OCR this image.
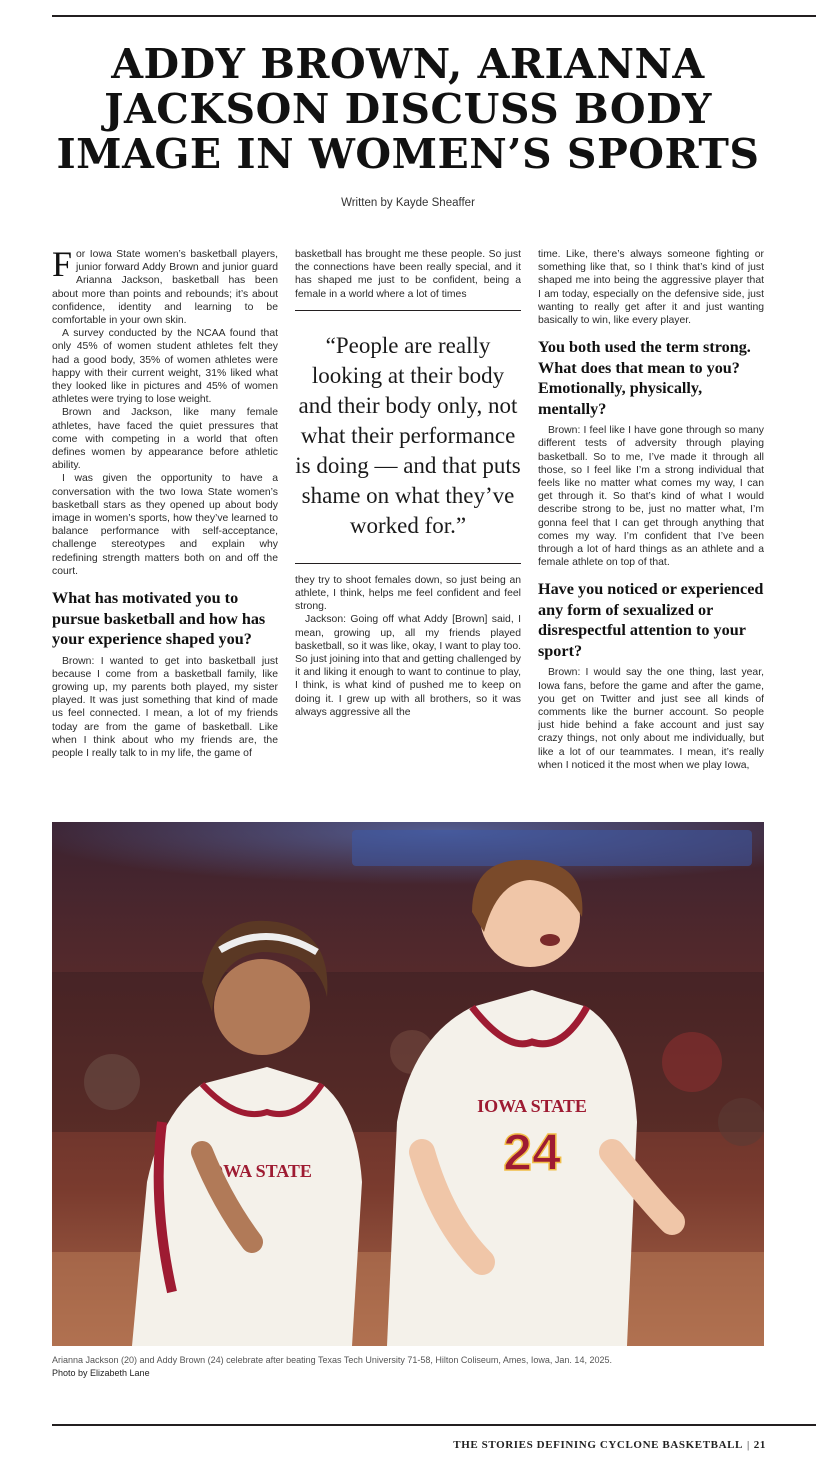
ADDY BROWN, ARIANNA
JACKSON DISCUSS BODY
IMAGE IN WOMEN’S SPORTS

Written by Kayde Sheaffer

For Iowa State women’s basketball players, junior forward Addy Brown and junior guard Arianna Jackson, basketball has been about more than points and rebounds; it’s about confidence, identity and learning to be comfortable in your own skin.

A survey conducted by the NCAA found that only 45% of women student athletes felt they had a good body, 35% of women athletes were happy with their current weight, 31% liked what they looked like in pictures and 45% of women athletes were trying to lose weight.

Brown and Jackson, like many female athletes, have faced the quiet pressures that come with competing in a world that often defines women by appearance before athletic ability.

I was given the opportunity to have a conversation with the two Iowa State women’s basketball stars as they opened up about body image in women’s sports, how they’ve learned to balance performance with self-acceptance, challenge stereotypes and explain why redefining strength matters both on and off the court.

What has motivated you to pursue basketball and how has your experience shaped you?

Brown: I wanted to get into basketball just because I come from a basketball family, like growing up, my parents both played, my sister played. It was just something that kind of made us feel connected. I mean, a lot of my friends today are from the game of basketball. Like when I think about who my friends are, the people I really talk to in my life, the game of

basketball has brought me these people. So just the connections have been really special, and it has shaped me just to be confident, being a female in a world where a lot of times

“People are really looking at their body and their body only, not what their performance is doing — and that puts shame on what they’ve worked for.”

they try to shoot females down, so just being an athlete, I think, helps me feel confident and feel strong.

Jackson: Going off what Addy [Brown] said, I mean, growing up, all my friends played basketball, so it was like, okay, I want to play too. So just joining into that and getting challenged by it and liking it enough to want to continue to play, I think, is what kind of pushed me to keep on doing it. I grew up with all brothers, so it was always aggressive all the

time. Like, there’s always someone fighting or something like that, so I think that’s kind of just shaped me into being the aggressive player that I am today, especially on the defensive side, just wanting to really get after it and just wanting basically to win, like every player.

You both used the term strong. What does that mean to you? Emotionally, physically, mentally?

Brown: I feel like I have gone through so many different tests of adversity through playing basketball. So to me, I’ve made it through all those, so I feel like I’m a strong individual that feels like no matter what comes my way, I can get through it. So that’s kind of what I would describe strong to be, just no matter what, I’m gonna feel that I can get through anything that comes my way. I’m confident that I’ve been through a lot of hard things as an athlete and a female athlete on top of that.

Have you noticed or experienced any form of sexualized or disrespectful attention to your sport?

Brown: I would say the one thing, last year, Iowa fans, before the game and after the game, you get on Twitter and just see all kinds of comments like the burner account. So people just hide behind a fake account and just say crazy things, not only about me individually, but like a lot of our teammates. I mean, it’s really when I noticed it the most when we play Iowa,

IOWA STATE
IOWA STATE
24

Arianna Jackson (20) and Addy Brown (24) celebrate after beating Texas Tech University 71-58, Hilton Coliseum, Ames, Iowa, Jan. 14, 2025.

Photo by Elizabeth Lane

THE STORIES DEFINING CYCLONE BASKETBALL | 21
